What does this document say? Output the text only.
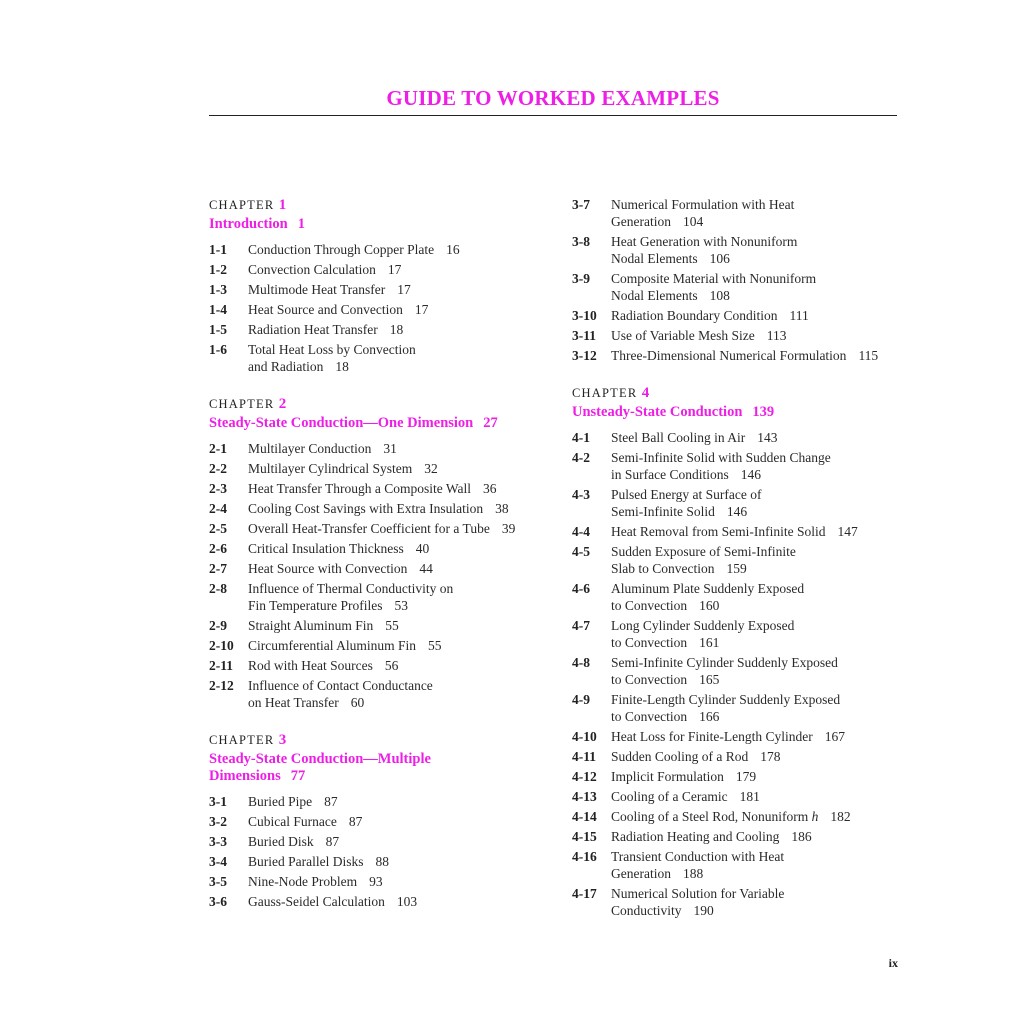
GUIDE TO WORKED EXAMPLES
CHAPTER 1
Introduction 1
1-1	Conduction Through Copper Plate 16
1-2	Convection Calculation 17
1-3	Multimode Heat Transfer 17
1-4	Heat Source and Convection 17
1-5	Radiation Heat Transfer 18
1-6	Total Heat Loss by Convection
and Radiation 18
CHAPTER 2
Steady-State Conduction—One Dimension 27
2-1	Multilayer Conduction 31
2-2	Multilayer Cylindrical System 32
2-3	Heat Transfer Through a Composite Wall 36
2-4	Cooling Cost Savings with Extra Insulation 38
2-5	Overall Heat-Transfer Coefficient for a Tube 39
2-6	Critical Insulation Thickness 40
2-7	Heat Source with Convection 44
2-8	Influence of Thermal Conductivity on
Fin Temperature Profiles 53
2-9	Straight Aluminum Fin 55
2-10	Circumferential Aluminum Fin 55
2-11	Rod with Heat Sources 56
2-12	Influence of Contact Conductance
on Heat Transfer 60
CHAPTER 3
Steady-State Conduction—Multiple
Dimensions 77
3-1	Buried Pipe 87
3-2	Cubical Furnace 87
3-3	Buried Disk 87
3-4	Buried Parallel Disks 88
3-5	Nine-Node Problem 93
3-6	Gauss-Seidel Calculation 103
3-7	Numerical Formulation with Heat
Generation 104
3-8	Heat Generation with Nonuniform
Nodal Elements 106
3-9	Composite Material with Nonuniform
Nodal Elements 108
3-10	Radiation Boundary Condition 111
3-11	Use of Variable Mesh Size 113
3-12	Three-Dimensional Numerical Formulation 115
CHAPTER 4
Unsteady-State Conduction 139
4-1	Steel Ball Cooling in Air 143
4-2	Semi-Infinite Solid with Sudden Change
in Surface Conditions 146
4-3	Pulsed Energy at Surface of
Semi-Infinite Solid 146
4-4	Heat Removal from Semi-Infinite Solid 147
4-5	Sudden Exposure of Semi-Infinite
Slab to Convection 159
4-6	Aluminum Plate Suddenly Exposed
to Convection 160
4-7	Long Cylinder Suddenly Exposed
to Convection 161
4-8	Semi-Infinite Cylinder Suddenly Exposed
to Convection 165
4-9	Finite-Length Cylinder Suddenly Exposed
to Convection 166
4-10	Heat Loss for Finite-Length Cylinder 167
4-11	Sudden Cooling of a Rod 178
4-12	Implicit Formulation 179
4-13	Cooling of a Ceramic 181
4-14	Cooling of a Steel Rod, Nonuniform h 182
4-15	Radiation Heating and Cooling 186
4-16	Transient Conduction with Heat
Generation 188
4-17	Numerical Solution for Variable
Conductivity 190
ix
